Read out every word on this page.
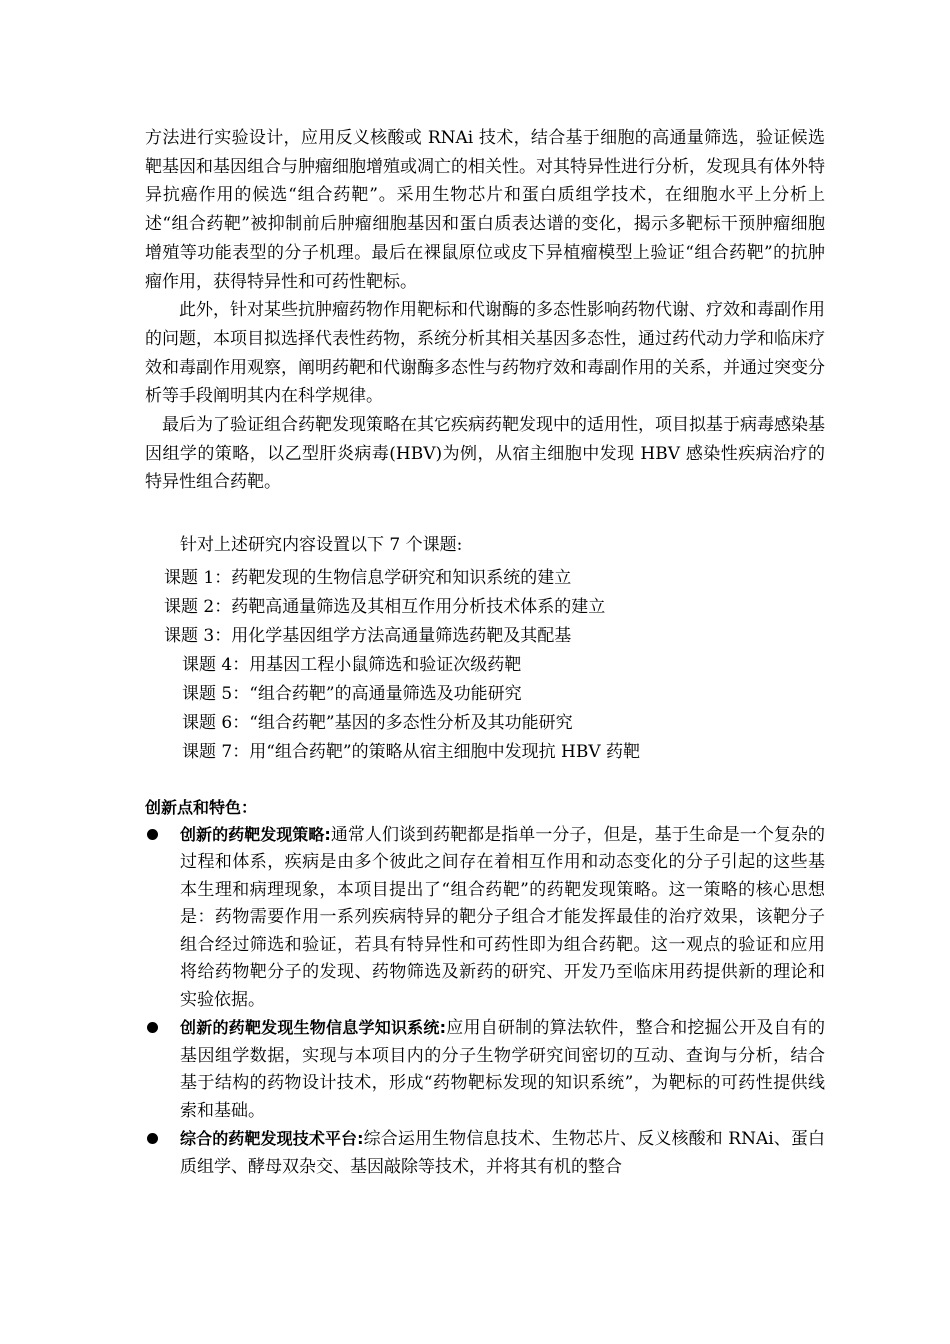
方法进行实验设计，应用反义核酸或 RNAi 技术，结合基于细胞的高通量筛选，验证候选靶基因和基因组合与肿瘤细胞增殖或凋亡的相关性。对其特异性进行分析，发现具有体外特异抗癌作用的候选“组合药靶”。采用生物芯片和蛋白质组学技术，在细胞水平上分析上述“组合药靶”被抑制前后肿瘤细胞基因和蛋白质表达谱的变化，揭示多靶标干预肿瘤细胞增殖等功能表型的分子机理。最后在裸鼠原位或皮下异植瘤模型上验证“组合药靶”的抗肿瘤作用，获得特异性和可药性靶标。

此外，针对某些抗肿瘤药物作用靶标和代谢酶的多态性影响药物代谢、疗效和毒副作用的问题，本项目拟选择代表性药物，系统分析其相关基因多态性，通过药代动力学和临床疗效和毒副作用观察，阐明药靶和代谢酶多态性与药物疗效和毒副作用的关系，并通过突变分析等手段阐明其内在科学规律。

最后为了验证组合药靶发现策略在其它疾病药靶发现中的适用性，项目拟基于病毒感染基因组学的策略，以乙型肝炎病毒(HBV)为例，从宿主细胞中发现 HBV 感染性疾病治疗的特异性组合药靶。

针对上述研究内容设置以下 7 个课题:

课题 1：药靶发现的生物信息学研究和知识系统的建立

课题 2：药靶高通量筛选及其相互作用分析技术体系的建立

课题 3：用化学基因组学方法高通量筛选药靶及其配基

课题 4：用基因工程小鼠筛选和验证次级药靶

课题 5：“组合药靶”的高通量筛选及功能研究

课题 6：“组合药靶”基因的多态性分析及其功能研究

课题 7：用“组合药靶”的策略从宿主细胞中发现抗 HBV 药靶

创新点和特色：

创新的药靶发现策略:通常人们谈到药靶都是指单一分子，但是，基于生命是一个复杂的过程和体系，疾病是由多个彼此之间存在着相互作用和动态变化的分子引起的这些基本生理和病理现象，本项目提出了“组合药靶”的药靶发现策略。这一策略的核心思想是：药物需要作用一系列疾病特异的靶分子组合才能发挥最佳的治疗效果，该靶分子组合经过筛选和验证，若具有特异性和可药性即为组合药靶。这一观点的验证和应用将给药物靶分子的发现、药物筛选及新药的研究、开发乃至临床用药提供新的理论和实验依据。

创新的药靶发现生物信息学知识系统:应用自研制的算法软件，整合和挖掘公开及自有的基因组学数据，实现与本项目内的分子生物学研究间密切的互动、查询与分析，结合基于结构的药物设计技术，形成“药物靶标发现的知识系统”，为靶标的可药性提供线索和基础。

综合的药靶发现技术平台:综合运用生物信息技术、生物芯片、反义核酸和 RNAi、蛋白质组学、酵母双杂交、基因敲除等技术，并将其有机的整合
